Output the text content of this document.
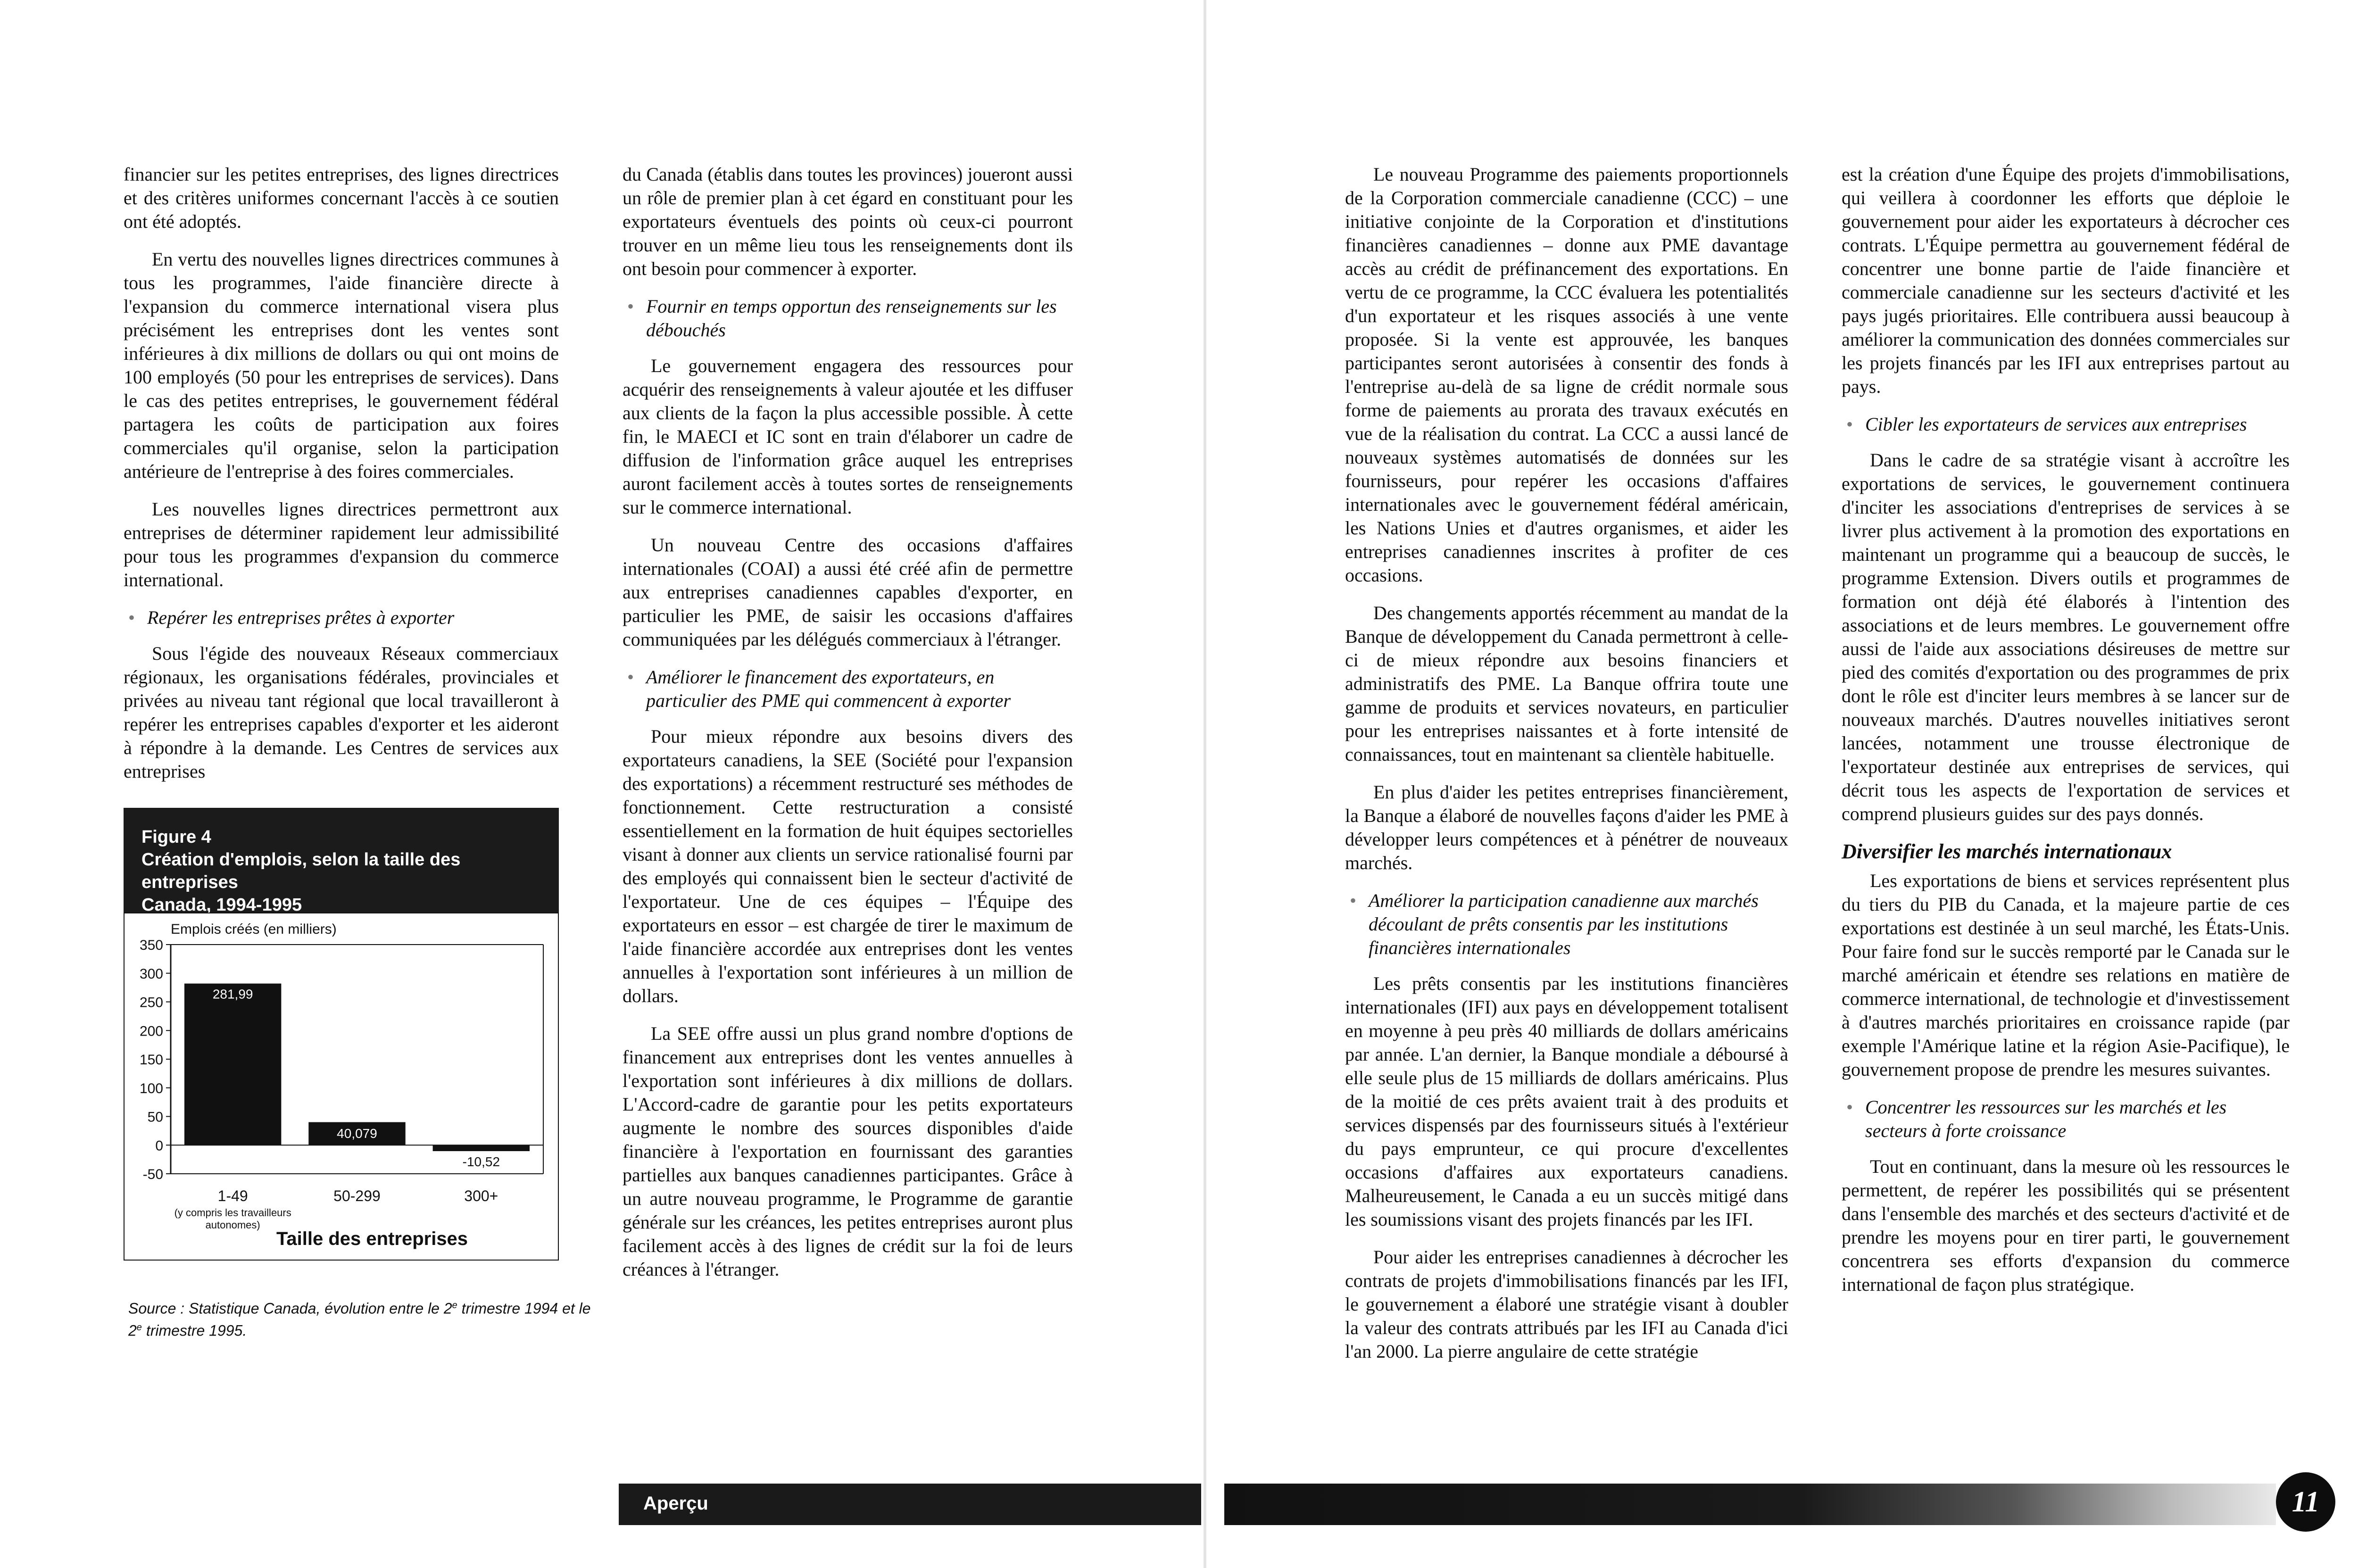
financier sur les petites entreprises, des lignes directrices et des critères uniformes concernant l'accès à ce soutien ont été adoptés.

En vertu des nouvelles lignes directrices communes à tous les programmes, l'aide financière directe à l'expansion du commerce international visera plus précisément les entreprises dont les ventes sont inférieures à dix millions de dollars ou qui ont moins de 100 employés (50 pour les entreprises de services). Dans le cas des petites entreprises, le gouvernement fédéral partagera les coûts de participation aux foires commerciales qu'il organise, selon la participation antérieure de l'entreprise à des foires commerciales.

Les nouvelles lignes directrices permettront aux entreprises de déterminer rapidement leur admissibilité pour tous les programmes d'expansion du commerce international.

• Repérer les entreprises prêtes à exporter

Sous l'égide des nouveaux Réseaux commerciaux régionaux, les organisations fédérales, provinciales et privées au niveau tant régional que local travailleront à repérer les entreprises capables d'exporter et les aideront à répondre à la demande. Les Centres de services aux entreprises

du Canada (établis dans toutes les provinces) joueront aussi un rôle de premier plan à cet égard en constituant pour les exportateurs éventuels des points où ceux-ci pourront trouver en un même lieu tous les renseignements dont ils ont besoin pour commencer à exporter.

• Fournir en temps opportun des renseignements sur les débouchés

Le gouvernement engagera des ressources pour acquérir des renseignements à valeur ajoutée et les diffuser aux clients de la façon la plus accessible possible. À cette fin, le MAECI et IC sont en train d'élaborer un cadre de diffusion de l'information grâce auquel les entreprises auront facilement accès à toutes sortes de renseignements sur le commerce international.

Un nouveau Centre des occasions d'affaires internationales (COAI) a aussi été créé afin de permettre aux entreprises canadiennes capables d'exporter, en particulier les PME, de saisir les occasions d'affaires communiquées par les délégués commerciaux à l'étranger.

• Améliorer le financement des exportateurs, en particulier des PME qui commencent à exporter

Pour mieux répondre aux besoins divers des exportateurs canadiens, la SEE (Société pour l'expansion des exportations) a récemment restructuré ses méthodes de fonctionnement. Cette restructuration a consisté essentiellement en la formation de huit équipes sectorielles visant à donner aux clients un service rationalisé fourni par des employés qui connaissent bien le secteur d'activité de l'exportateur. Une de ces équipes – l'Équipe des exportateurs en essor – est chargée de tirer le maximum de l'aide financière accordée aux entreprises dont les ventes annuelles à l'exportation sont inférieures à un million de dollars.

La SEE offre aussi un plus grand nombre d'options de financement aux entreprises dont les ventes annuelles à l'exportation sont inférieures à dix millions de dollars. L'Accord-cadre de garantie pour les petits exportateurs augmente le nombre des sources disponibles d'aide financière à l'exportation en fournissant des garanties partielles aux banques canadiennes participantes. Grâce à un autre nouveau programme, le Programme de garantie générale sur les créances, les petites entreprises auront plus facilement accès à des lignes de crédit sur la foi de leurs créances à l'étranger.

Le nouveau Programme des paiements proportionnels de la Corporation commerciale canadienne (CCC) – une initiative conjointe de la Corporation et d'institutions financières canadiennes – donne aux PME davantage accès au crédit de préfinancement des exportations. En vertu de ce programme, la CCC évaluera les potentialités d'un exportateur et les risques associés à une vente proposée. Si la vente est approuvée, les banques participantes seront autorisées à consentir des fonds à l'entreprise au-delà de sa ligne de crédit normale sous forme de paiements au prorata des travaux exécutés en vue de la réalisation du contrat. La CCC a aussi lancé de nouveaux systèmes automatisés de données sur les fournisseurs, pour repérer les occasions d'affaires internationales avec le gouvernement fédéral américain, les Nations Unies et d'autres organismes, et aider les entreprises canadiennes inscrites à profiter de ces occasions.

Des changements apportés récemment au mandat de la Banque de développement du Canada permettront à celle-ci de mieux répondre aux besoins financiers et administratifs des PME. La Banque offrira toute une gamme de produits et services novateurs, en particulier pour les entreprises naissantes et à forte intensité de connaissances, tout en maintenant sa clientèle habituelle.

En plus d'aider les petites entreprises financièrement, la Banque a élaboré de nouvelles façons d'aider les PME à développer leurs compétences et à pénétrer de nouveaux marchés.

• Améliorer la participation canadienne aux marchés découlant de prêts consentis par les institutions financières internationales

Les prêts consentis par les institutions financières internationales (IFI) aux pays en développement totalisent en moyenne à peu près 40 milliards de dollars américains par année. L'an dernier, la Banque mondiale a déboursé à elle seule plus de 15 milliards de dollars américains. Plus de la moitié de ces prêts avaient trait à des produits et services dispensés par des fournisseurs situés à l'extérieur du pays emprunteur, ce qui procure d'excellentes occasions d'affaires aux exportateurs canadiens. Malheureusement, le Canada a eu un succès mitigé dans les soumissions visant des projets financés par les IFI.

Pour aider les entreprises canadiennes à décrocher les contrats de projets d'immobilisations financés par les IFI, le gouvernement a élaboré une stratégie visant à doubler la valeur des contrats attribués par les IFI au Canada d'ici l'an 2000. La pierre angulaire de cette stratégie

est la création d'une Équipe des projets d'immobilisations, qui veillera à coordonner les efforts que déploie le gouvernement pour aider les exportateurs à décrocher ces contrats. L'Équipe permettra au gouvernement fédéral de concentrer une bonne partie de l'aide financière et commerciale canadienne sur les secteurs d'activité et les pays jugés prioritaires. Elle contribuera aussi beaucoup à améliorer la communication des données commerciales sur les projets financés par les IFI aux entreprises partout au pays.

• Cibler les exportateurs de services aux entreprises

Dans le cadre de sa stratégie visant à accroître les exportations de services, le gouvernement continuera d'inciter les associations d'entreprises de services à se livrer plus activement à la promotion des exportations en maintenant un programme qui a beaucoup de succès, le programme Extension. Divers outils et programmes de formation ont déjà été élaborés à l'intention des associations et de leurs membres. Le gouvernement offre aussi de l'aide aux associations désireuses de mettre sur pied des comités d'exportation ou des programmes de prix dont le rôle est d'inciter leurs membres à se lancer sur de nouveaux marchés. D'autres nouvelles initiatives seront lancées, notamment une trousse électronique de l'exportateur destinée aux entreprises de services, qui décrit tous les aspects de l'exportation de services et comprend plusieurs guides sur des pays donnés.

Diversifier les marchés internationaux

Les exportations de biens et services représentent plus du tiers du PIB du Canada, et la majeure partie de ces exportations est destinée à un seul marché, les États-Unis. Pour faire fond sur le succès remporté par le Canada sur le marché américain et étendre ses relations en matière de commerce international, de technologie et d'investissement à d'autres marchés prioritaires en croissance rapide (par exemple l'Amérique latine et la région Asie-Pacifique), le gouvernement propose de prendre les mesures suivantes.

• Concentrer les ressources sur les marchés et les secteurs à forte croissance

Tout en continuant, dans la mesure où les ressources le permettent, de repérer les possibilités qui se présentent dans l'ensemble des marchés et des secteurs d'activité et de prendre les moyens pour en tirer parti, le gouvernement concentrera ses efforts d'expansion du commerce international de façon plus stratégique.

Figure 4
Création d'emplois, selon la taille des entreprises
Canada, 1994-1995
Emplois créés (en milliers)
Taille des entreprises
-50
0
50
100
150
200
250
300
350
281,99
1-49
40,079
50-299
-10,52
300+
(y compris les travailleurs
autonomes)
Source : Statistique Canada, évolution entre le 2e trimestre 1994 et le 2e trimestre 1995.
Aperçu	11
